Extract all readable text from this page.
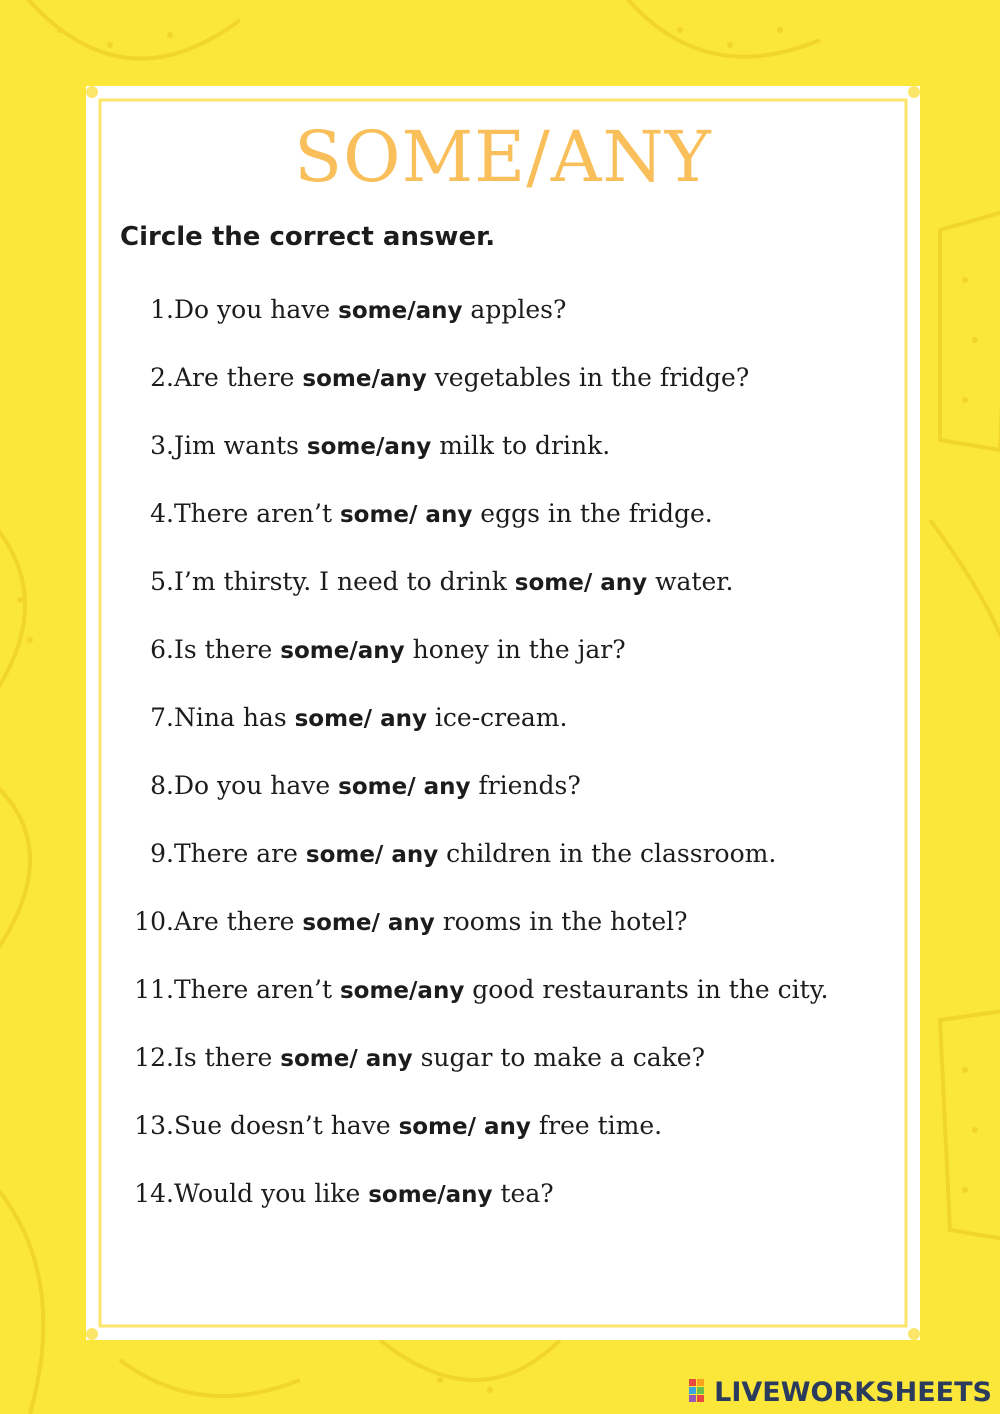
SOME/ANY
Circle the correct answer.
1. Do you have some/any apples?
2. Are there some/any vegetables in the fridge?
3. Jim wants some/any milk to drink.
4. There aren’t some/ any eggs in the fridge.
5. I’m thirsty. I need to drink some/ any water.
6. Is there some/any honey in the jar?
7. Nina has some/ any ice-cream.
8. Do you have some/ any friends?
9. There are some/ any children in the classroom.
10. Are there some/ any rooms in the hotel?
11. There aren’t some/any good restaurants in the city.
12. Is there some/ any sugar to make a cake?
13. Sue doesn’t have some/ any free time.
14. Would you like some/any tea?
LIVEWORKSHEETS
